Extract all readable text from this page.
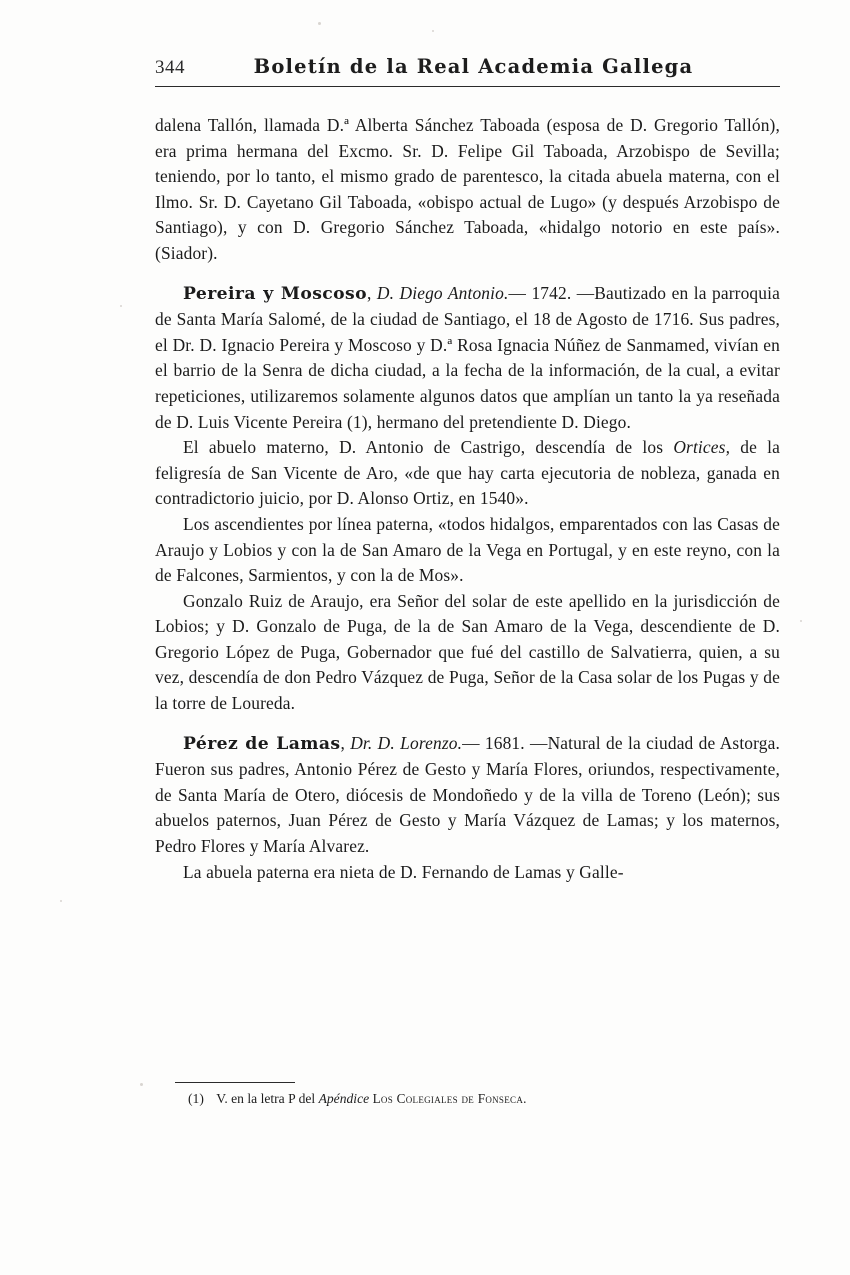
344	Boletín de la Real Academia Gallega

dalena Tallón, llamada D.ª Alberta Sánchez Taboada (esposa de D. Gregorio Tallón), era prima hermana del Excmo. Sr. D. Felipe Gil Taboada, Arzobispo de Sevilla; teniendo, por lo tanto, el mismo grado de parentesco, la citada abuela materna, con el Ilmo. Sr. D. Cayetano Gil Taboada, «obispo actual de Lugo» (y después Arzobispo de Santiago), y con D. Gregorio Sánchez Taboada, «hidalgo notorio en este país». (Siador).

Pereira y Moscoso, D. Diego Antonio.— 1742. —Bautizado en la parroquia de Santa María Salomé, de la ciudad de Santiago, el 18 de Agosto de 1716. Sus padres, el Dr. D. Ignacio Pereira y Moscoso y D.ª Rosa Ignacia Núñez de Sanmamed, vivían en el barrio de la Senra de dicha ciudad, a la fecha de la información, de la cual, a evitar repeticiones, utilizaremos solamente algunos datos que amplían un tanto la ya reseñada de D. Luis Vicente Pereira (1), hermano del pretendiente D. Diego.

El abuelo materno, D. Antonio de Castrigo, descendía de los Ortices, de la feligresía de San Vicente de Aro, «de que hay carta ejecutoria de nobleza, ganada en contradictorio juicio, por D. Alonso Ortiz, en 1540».

Los ascendientes por línea paterna, «todos hidalgos, emparentados con las Casas de Araujo y Lobios y con la de San Amaro de la Vega en Portugal, y en este reyno, con la de Falcones, Sarmientos, y con la de Mos».

Gonzalo Ruiz de Araujo, era Señor del solar de este apellido en la jurisdicción de Lobios; y D. Gonzalo de Puga, de la de San Amaro de la Vega, descendiente de D. Gregorio López de Puga, Gobernador que fué del castillo de Salvatierra, quien, a su vez, descendía de don Pedro Vázquez de Puga, Señor de la Casa solar de los Pugas y de la torre de Loureda.

Pérez de Lamas, Dr. D. Lorenzo.— 1681. —Natural de la ciudad de Astorga. Fueron sus padres, Antonio Pérez de Gesto y María Flores, oriundos, respectivamente, de Santa María de Otero, diócesis de Mondoñedo y de la villa de Toreno (León); sus abuelos paternos, Juan Pérez de Gesto y María Vázquez de Lamas; y los maternos, Pedro Flores y María Alvarez.

La abuela paterna era nieta de D. Fernando de Lamas y Galle-

(1) V. en la letra P del Apéndice Los Colegiales de Fonseca.
